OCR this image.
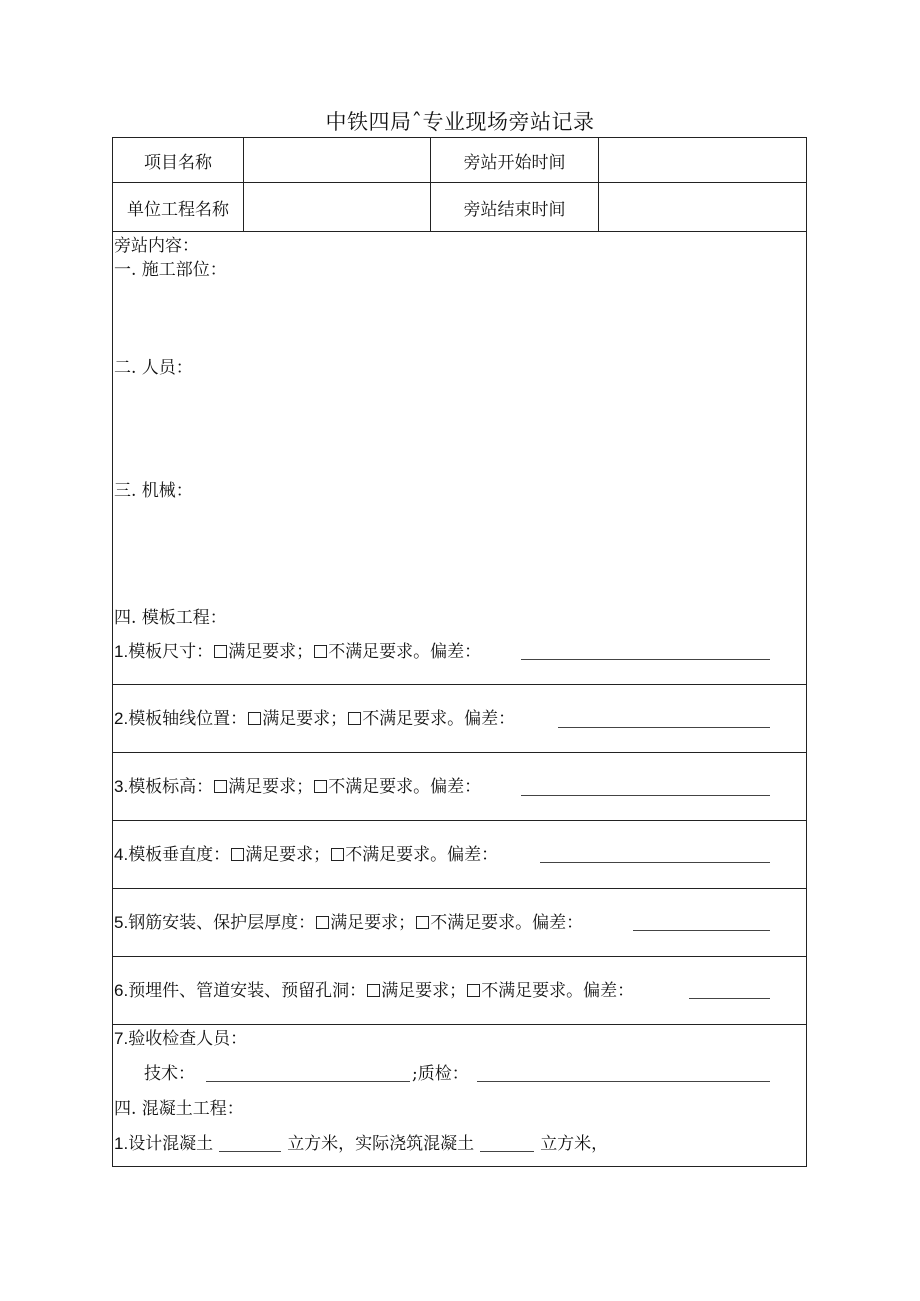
中铁四局ˆ专业现场旁站记录
项目名称	旁站开始时间
单位工程名称	旁站结束时间
旁站内容：
一. 施工部位：
二. 人员：
三. 机械：
四. 模板工程：
1.模板尺寸： 满足要求； 不满足要求。偏差：
2.模板轴线位置： 满足要求； 不满足要求。偏差：
3.模板标高： 满足要求； 不满足要求。偏差：
4.模板垂直度： 满足要求； 不满足要求。偏差：
5.钢筋安装、保护层厚度： 满足要求； 不满足要求。偏差：
6.预埋件、管道安装、预留孔洞： 满足要求； 不满足要求。偏差：
7.验收检查人员：
技术：	;质检：
四. 混凝土工程：
1.设计混凝土	立方米，实际浇筑混凝土	立方米，
